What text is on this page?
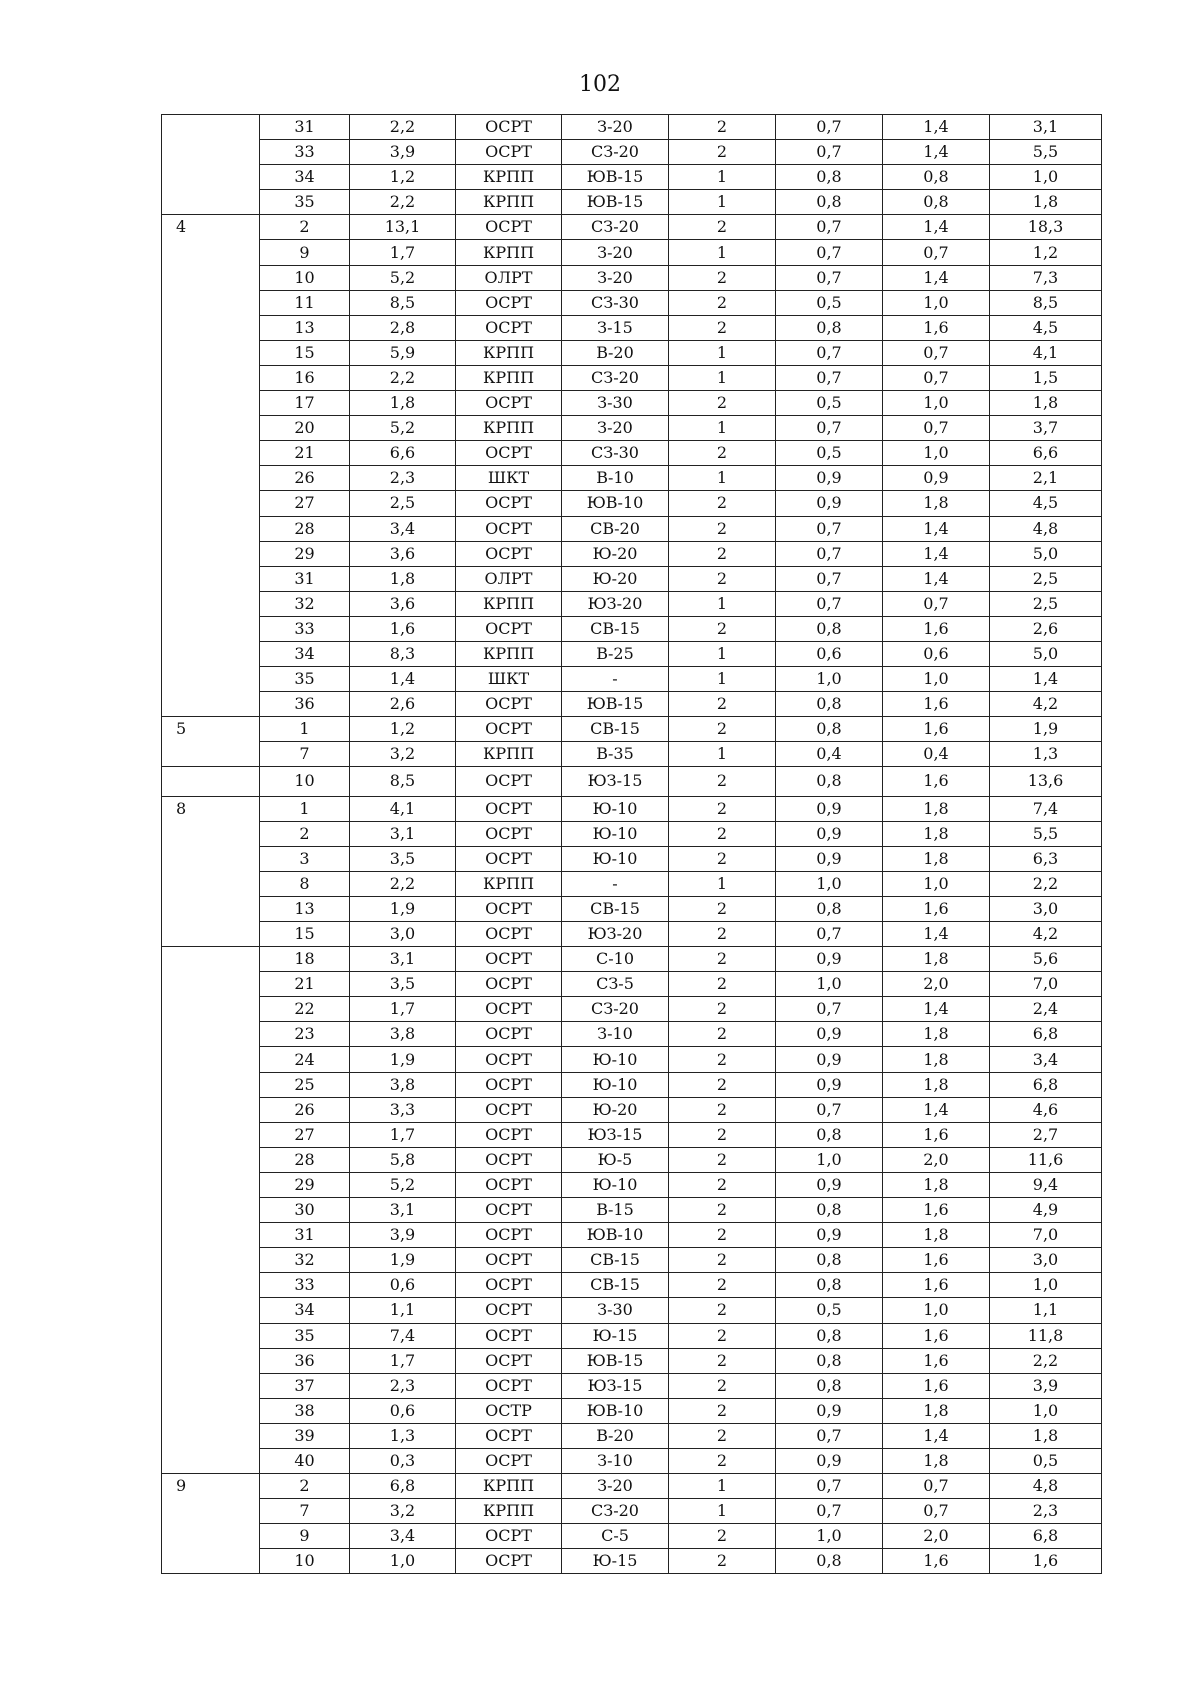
102
	31	2,2	ОСРТ	З-20	2	0,7	1,4	3,1
	33	3,9	ОСРТ	СЗ-20	2	0,7	1,4	5,5
	34	1,2	КРПП	ЮВ-15	1	0,8	0,8	1,0
	35	2,2	КРПП	ЮВ-15	1	0,8	0,8	1,8
4	2	13,1	ОСРТ	СЗ-20	2	0,7	1,4	18,3
	9	1,7	КРПП	З-20	1	0,7	0,7	1,2
	10	5,2	ОЛРТ	З-20	2	0,7	1,4	7,3
	11	8,5	ОСРТ	СЗ-30	2	0,5	1,0	8,5
	13	2,8	ОСРТ	З-15	2	0,8	1,6	4,5
	15	5,9	КРПП	В-20	1	0,7	0,7	4,1
	16	2,2	КРПП	СЗ-20	1	0,7	0,7	1,5
	17	1,8	ОСРТ	З-30	2	0,5	1,0	1,8
	20	5,2	КРПП	З-20	1	0,7	0,7	3,7
	21	6,6	ОСРТ	СЗ-30	2	0,5	1,0	6,6
	26	2,3	ШКТ	В-10	1	0,9	0,9	2,1
	27	2,5	ОСРТ	ЮВ-10	2	0,9	1,8	4,5
	28	3,4	ОСРТ	СВ-20	2	0,7	1,4	4,8
	29	3,6	ОСРТ	Ю-20	2	0,7	1,4	5,0
	31	1,8	ОЛРТ	Ю-20	2	0,7	1,4	2,5
	32	3,6	КРПП	ЮЗ-20	1	0,7	0,7	2,5
	33	1,6	ОСРТ	СВ-15	2	0,8	1,6	2,6
	34	8,3	КРПП	В-25	1	0,6	0,6	5,0
	35	1,4	ШКТ	-	1	1,0	1,0	1,4
	36	2,6	ОСРТ	ЮВ-15	2	0,8	1,6	4,2
5	1	1,2	ОСРТ	СВ-15	2	0,8	1,6	1,9
	7	3,2	КРПП	В-35	1	0,4	0,4	1,3
	10	8,5	ОСРТ	ЮЗ-15	2	0,8	1,6	13,6
8	1	4,1	ОСРТ	Ю-10	2	0,9	1,8	7,4
	2	3,1	ОСРТ	Ю-10	2	0,9	1,8	5,5
	3	3,5	ОСРТ	Ю-10	2	0,9	1,8	6,3
	8	2,2	КРПП	-	1	1,0	1,0	2,2
	13	1,9	ОСРТ	СВ-15	2	0,8	1,6	3,0
	15	3,0	ОСРТ	ЮЗ-20	2	0,7	1,4	4,2
	18	3,1	ОСРТ	С-10	2	0,9	1,8	5,6
	21	3,5	ОСРТ	СЗ-5	2	1,0	2,0	7,0
	22	1,7	ОСРТ	СЗ-20	2	0,7	1,4	2,4
	23	3,8	ОСРТ	З-10	2	0,9	1,8	6,8
	24	1,9	ОСРТ	Ю-10	2	0,9	1,8	3,4
	25	3,8	ОСРТ	Ю-10	2	0,9	1,8	6,8
	26	3,3	ОСРТ	Ю-20	2	0,7	1,4	4,6
	27	1,7	ОСРТ	ЮЗ-15	2	0,8	1,6	2,7
	28	5,8	ОСРТ	Ю-5	2	1,0	2,0	11,6
	29	5,2	ОСРТ	Ю-10	2	0,9	1,8	9,4
	30	3,1	ОСРТ	В-15	2	0,8	1,6	4,9
	31	3,9	ОСРТ	ЮВ-10	2	0,9	1,8	7,0
	32	1,9	ОСРТ	СВ-15	2	0,8	1,6	3,0
	33	0,6	ОСРТ	СВ-15	2	0,8	1,6	1,0
	34	1,1	ОСРТ	З-30	2	0,5	1,0	1,1
	35	7,4	ОСРТ	Ю-15	2	0,8	1,6	11,8
	36	1,7	ОСРТ	ЮВ-15	2	0,8	1,6	2,2
	37	2,3	ОСРТ	ЮЗ-15	2	0,8	1,6	3,9
	38	0,6	ОСТР	ЮВ-10	2	0,9	1,8	1,0
	39	1,3	ОСРТ	В-20	2	0,7	1,4	1,8
	40	0,3	ОСРТ	З-10	2	0,9	1,8	0,5
9	2	6,8	КРПП	З-20	1	0,7	0,7	4,8
	7	3,2	КРПП	СЗ-20	1	0,7	0,7	2,3
	9	3,4	ОСРТ	С-5	2	1,0	2,0	6,8
	10	1,0	ОСРТ	Ю-15	2	0,8	1,6	1,6
